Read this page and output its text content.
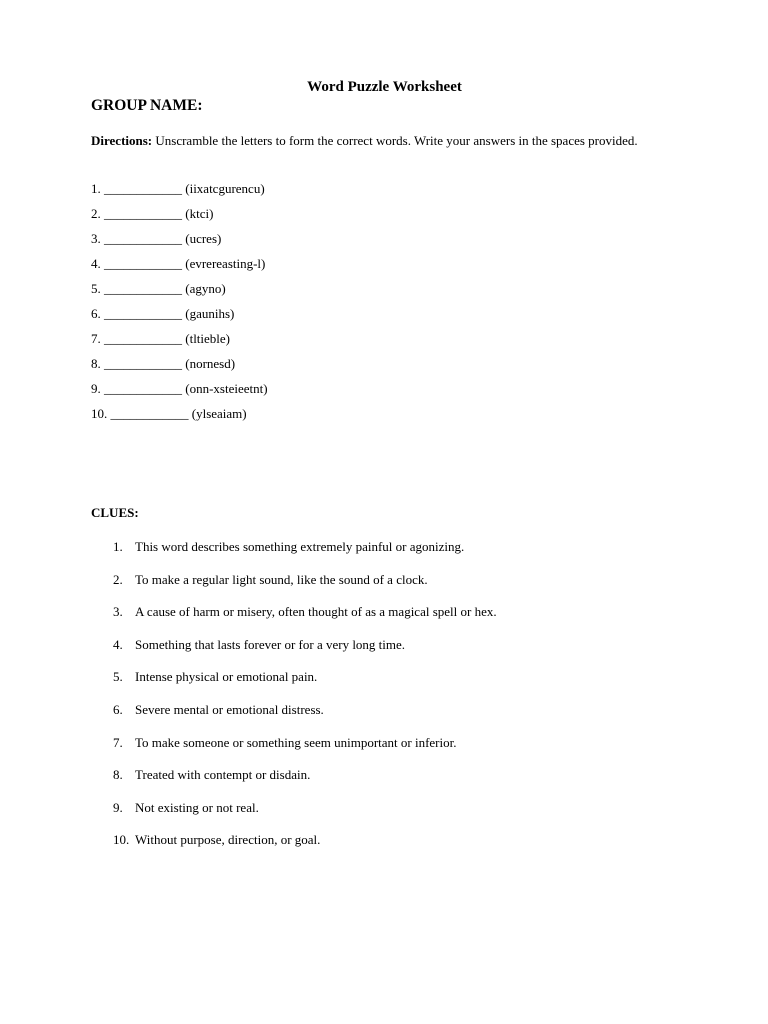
Word Puzzle Worksheet
GROUP NAME:
Directions: Unscramble the letters to form the correct words. Write your answers in the spaces provided.
1. ____________ (iixatcgurencu)
2. ____________ (ktci)
3. ____________ (ucres)
4. ____________ (evrereasting-l)
5. ____________ (agyno)
6. ____________ (gaunihs)
7. ____________ (tltieble)
8. ____________ (nornesd)
9. ____________ (onn-xsteieetnt)
10. ____________ (ylseaiam)
CLUES:
1. This word describes something extremely painful or agonizing.
2. To make a regular light sound, like the sound of a clock.
3. A cause of harm or misery, often thought of as a magical spell or hex.
4. Something that lasts forever or for a very long time.
5. Intense physical or emotional pain.
6. Severe mental or emotional distress.
7. To make someone or something seem unimportant or inferior.
8. Treated with contempt or disdain.
9. Not existing or not real.
10. Without purpose, direction, or goal.
